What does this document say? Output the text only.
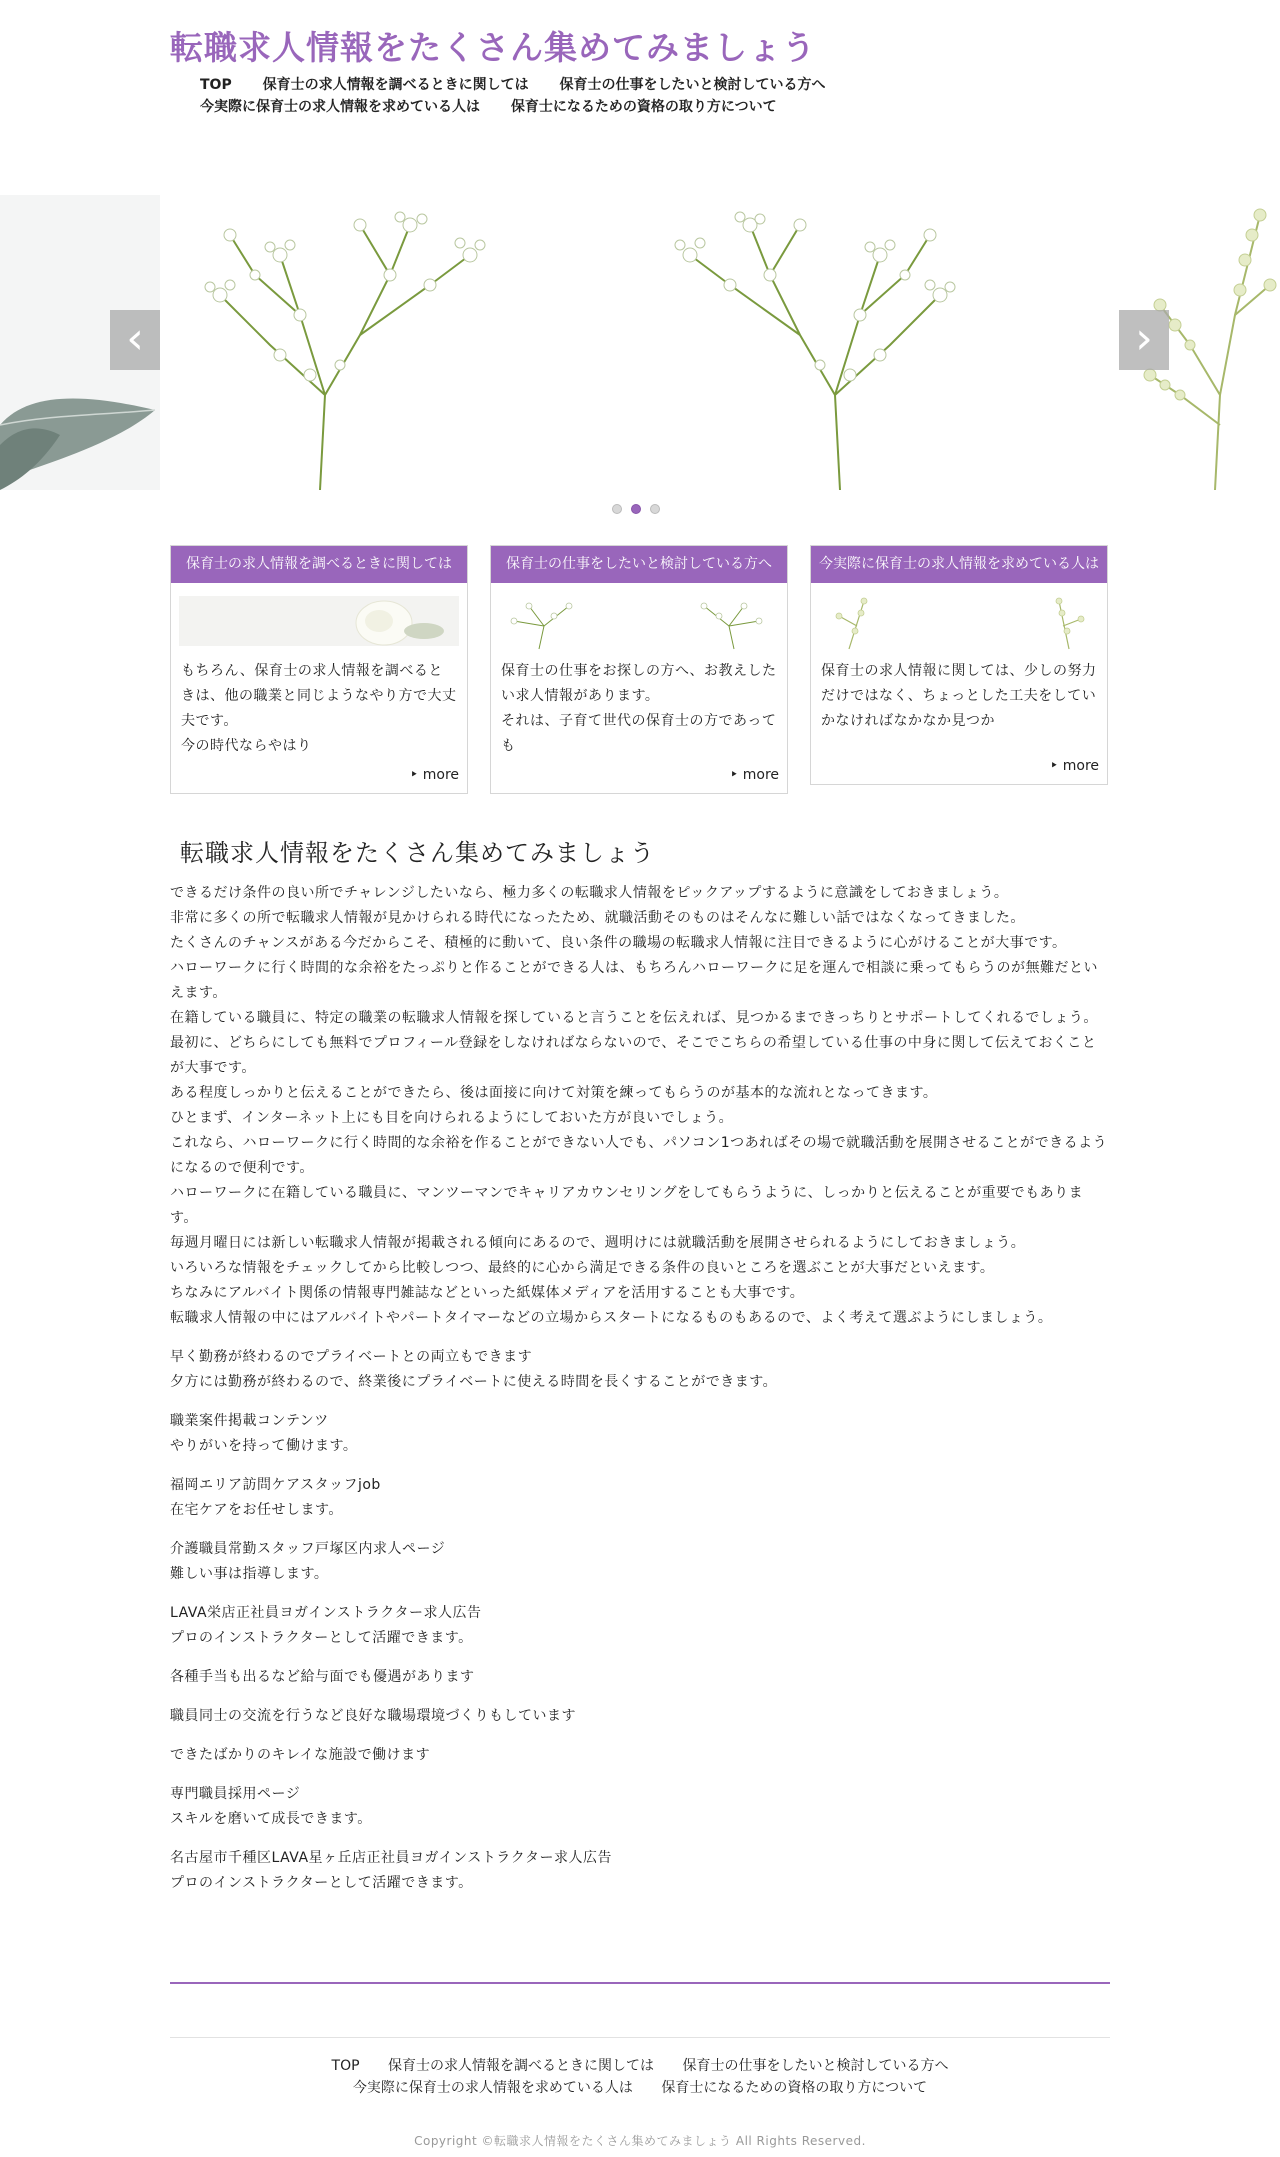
転職求人情報をたくさん集めてみましょう
TOP 保育士の求人情報を調べるときに関しては 保育士の仕事をしたいと検討している方へ
今実際に保育士の求人情報を求めている人は 保育士になるための資格の取り方について
‹	›
保育士の求人情報を調べるときに関しては

もちろん、保育士の求人情報を調べるときは、他の職業と同じようなやり方で大丈夫です。

今の時代ならやはり

‣ more
保育士の仕事をしたいと検討している方へ

保育士の仕事をお探しの方へ、お教えしたい求人情報があります。

それは、子育て世代の保育士の方であっても

‣ more
今実際に保育士の求人情報を求めている人は

保育士の求人情報に関しては、少しの努力だけではなく、ちょっとした工夫をしていかなければなかなか見つか

‣ more
転職求人情報をたくさん集めてみましょう

できるだけ条件の良い所でチャレンジしたいなら、極力多くの転職求人情報をピックアップするように意識をしておきましょう。
非常に多くの所で転職求人情報が見かけられる時代になったため、就職活動そのものはそんなに難しい話ではなくなってきました。
たくさんのチャンスがある今だからこそ、積極的に動いて、良い条件の職場の転職求人情報に注目できるように心がけることが大事です。
ハローワークに行く時間的な余裕をたっぷりと作ることができる人は、もちろんハローワークに足を運んで相談に乗ってもらうのが無難だといえます。
在籍している職員に、特定の職業の転職求人情報を探していると言うことを伝えれば、見つかるまできっちりとサポートしてくれるでしょう。
最初に、どちらにしても無料でプロフィール登録をしなければならないので、そこでこちらの希望している仕事の中身に関して伝えておくことが大事です。
ある程度しっかりと伝えることができたら、後は面接に向けて対策を練ってもらうのが基本的な流れとなってきます。
ひとまず、インターネット上にも目を向けられるようにしておいた方が良いでしょう。
これなら、ハローワークに行く時間的な余裕を作ることができない人でも、パソコン1つあればその場で就職活動を展開させることができるようになるので便利です。
ハローワークに在籍している職員に、マンツーマンでキャリアカウンセリングをしてもらうように、しっかりと伝えることが重要でもあります。
毎週月曜日には新しい転職求人情報が掲載される傾向にあるので、週明けには就職活動を展開させられるようにしておきましょう。
いろいろな情報をチェックしてから比較しつつ、最終的に心から満足できる条件の良いところを選ぶことが大事だといえます。
ちなみにアルバイト関係の情報専門雑誌などといった紙媒体メディアを活用することも大事です。
転職求人情報の中にはアルバイトやパートタイマーなどの立場からスタートになるものもあるので、よく考えて選ぶようにしましょう。

早く勤務が終わるのでプライベートとの両立もできます
夕方には勤務が終わるので、終業後にプライベートに使える時間を長くすることができます。
職業案件掲載コンテンツ
やりがいを持って働けます。
福岡エリア訪問ケアスタッフjob
在宅ケアをお任せします。
介護職員常勤スタッフ戸塚区内求人ページ
難しい事は指導します。
LAVA栄店正社員ヨガインストラクター求人広告
プロのインストラクターとして活躍できます。
各種手当も出るなど給与面でも優遇があります
職員同士の交流を行うなど良好な職場環境づくりもしています
できたばかりのキレイな施設で働けます
専門職員採用ページ
スキルを磨いて成長できます。
名古屋市千種区LAVA星ヶ丘店正社員ヨガインストラクター求人広告
プロのインストラクターとして活躍できます。
TOP 保育士の求人情報を調べるときに関しては 保育士の仕事をしたいと検討している方へ 今実際に保育士の求人情報を求めている人は 保育士になるための資格の取り方について
Copyright ©転職求人情報をたくさん集めてみましょう All Rights Reserved.
